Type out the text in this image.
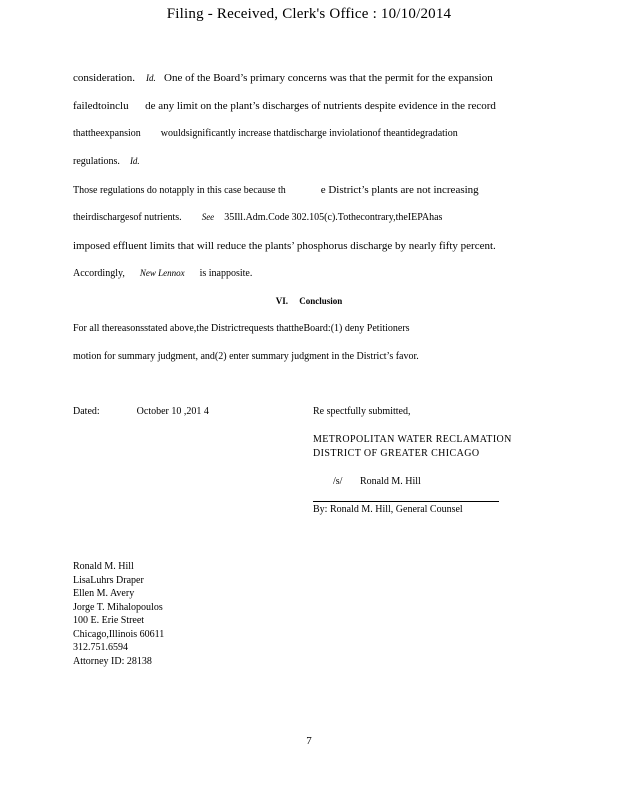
Filing - Received, Clerk's Office : 10/10/2014
consideration. Id. One of the Board’s primary concerns was that the permit for the expansion
failedtoinclu de any limit on the plant’s discharges of nutrients despite evidence in the record
thattheexpansion wouldsignificantly increase thatdischarge inviolationof theantidegradation
regulations. Id.
Those regulations do notapply in this case because th	e District’s plants are not increasing
theirdischargesof nutrients. See 35Ill.Adm.Code 302.105(c).Tothecontrary,theIEPAhas
imposed effluent limits that will reduce the plants’ phosphorus discharge by nearly fifty percent.
Accordingly, New Lennox is inapposite.
VI. Conclusion
For all thereasonsstated above,the Districtrequests thattheBoard:(1) deny Petitioners
motion for summary judgment, and(2) enter summary judgment in the District’s favor.
Dated:	October 10 ,201 4	Re spectfully submitted,
METROPOLITAN WATER RECLAMATION
DISTRICT OF GREATER CHICAGO
/s/ Ronald M. Hill
By: Ronald M. Hill, General Counsel
Ronald M. Hill
LisaLuhrs Draper
Ellen M. Avery
Jorge T. Mihalopoulos
100 E. Erie Street
Chicago,Illinois 60611
312.751.6594
Attorney ID: 28138
7
